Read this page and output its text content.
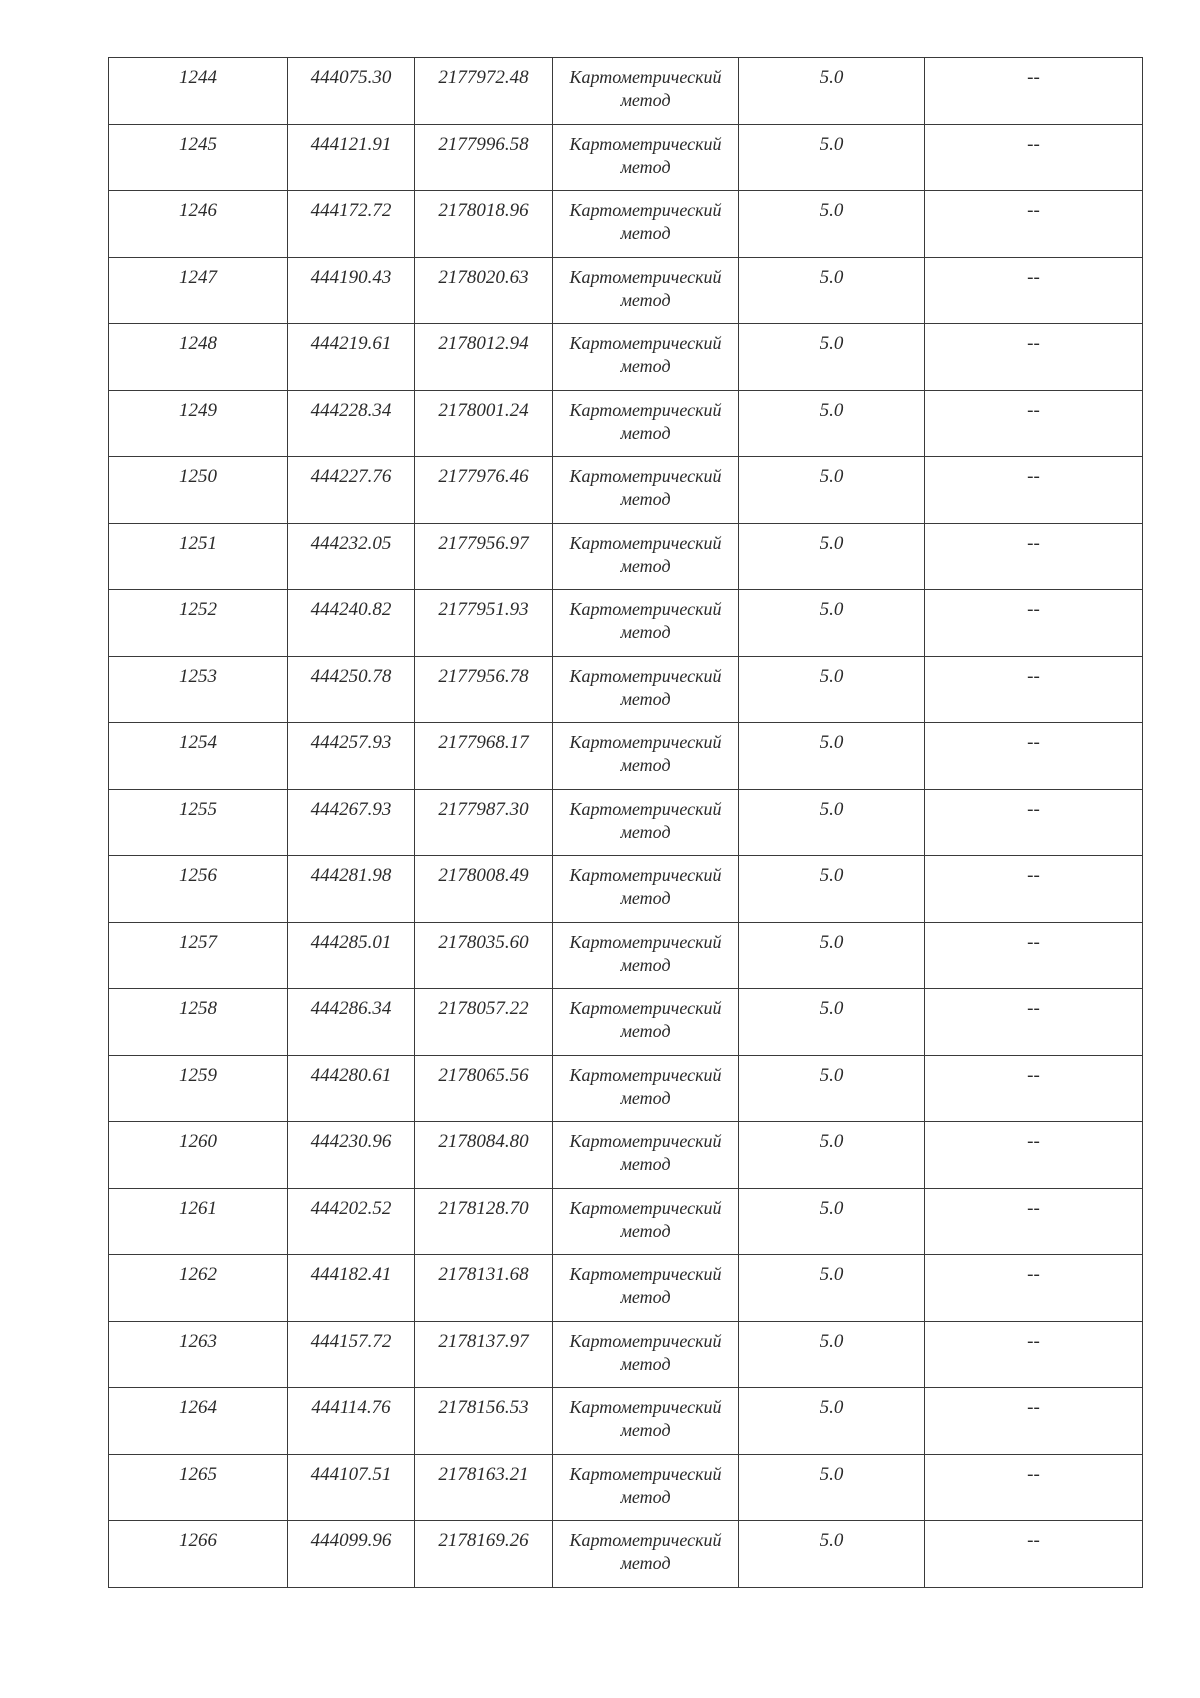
1244	444075.30	2177972.48	Картометрический
метод	5.0	--
1245	444121.91	2177996.58	Картометрический
метод	5.0	--
1246	444172.72	2178018.96	Картометрический
метод	5.0	--
1247	444190.43	2178020.63	Картометрический
метод	5.0	--
1248	444219.61	2178012.94	Картометрический
метод	5.0	--
1249	444228.34	2178001.24	Картометрический
метод	5.0	--
1250	444227.76	2177976.46	Картометрический
метод	5.0	--
1251	444232.05	2177956.97	Картометрический
метод	5.0	--
1252	444240.82	2177951.93	Картометрический
метод	5.0	--
1253	444250.78	2177956.78	Картометрический
метод	5.0	--
1254	444257.93	2177968.17	Картометрический
метод	5.0	--
1255	444267.93	2177987.30	Картометрический
метод	5.0	--
1256	444281.98	2178008.49	Картометрический
метод	5.0	--
1257	444285.01	2178035.60	Картометрический
метод	5.0	--
1258	444286.34	2178057.22	Картометрический
метод	5.0	--
1259	444280.61	2178065.56	Картометрический
метод	5.0	--
1260	444230.96	2178084.80	Картометрический
метод	5.0	--
1261	444202.52	2178128.70	Картометрический
метод	5.0	--
1262	444182.41	2178131.68	Картометрический
метод	5.0	--
1263	444157.72	2178137.97	Картометрический
метод	5.0	--
1264	444114.76	2178156.53	Картометрический
метод	5.0	--
1265	444107.51	2178163.21	Картометрический
метод	5.0	--
1266	444099.96	2178169.26	Картометрический
метод	5.0	--
